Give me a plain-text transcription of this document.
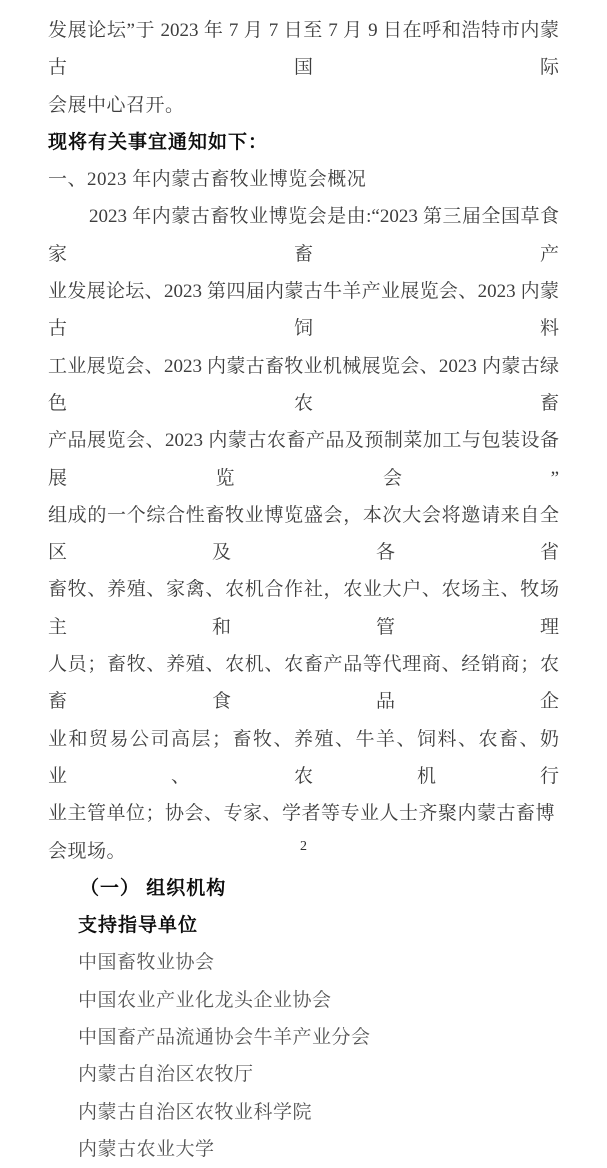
发展论坛”于 2023 年 7 月 7 日至 7 月 9 日在呼和浩特市内蒙古国际

会展中心召开。

现将有关事宜通知如下：

一、2023 年内蒙古畜牧业博览会概况

2023 年内蒙古畜牧业博览会是由:“2023 第三届全国草食家畜产

业发展论坛、2023 第四届内蒙古牛羊产业展览会、2023 内蒙古饲料

工业展览会、2023 内蒙古畜牧业机械展览会、2023 内蒙古绿色农畜

产品展览会、2023 内蒙古农畜产品及预制菜加工与包装设备展览会”

组成的一个综合性畜牧业博览盛会，本次大会将邀请来自全区及各省

畜牧、养殖、家禽、农机合作社，农业大户、农场主、牧场主和管理

人员；畜牧、养殖、农机、农畜产品等代理商、经销商；农畜食品企

业和贸易公司高层；畜牧、养殖、牛羊、饲料、农畜、奶业、农机行

业主管单位；协会、专家、学者等专业人士齐聚内蒙古畜博会现场。

（一） 组织机构

支持指导单位

中国畜牧业协会

中国农业产业化龙头企业协会

中国畜产品流通协会牛羊产业分会

内蒙古自治区农牧厅

内蒙古自治区农牧业科学院

内蒙古农业大学

2
